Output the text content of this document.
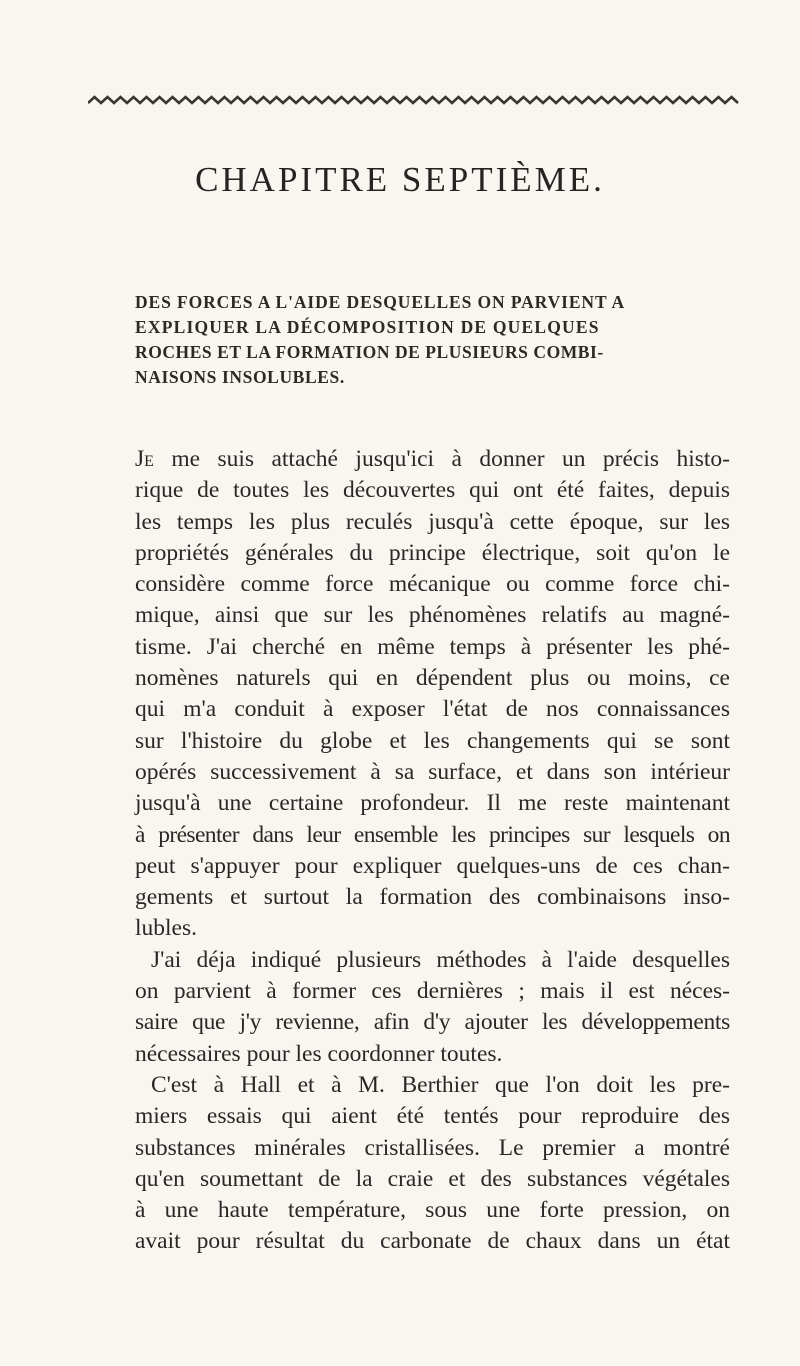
CHAPITRE SEPTIÈME.
DES FORCES A L'AIDE DESQUELLES ON PARVIENT A
EXPLIQUER LA DÉCOMPOSITION DE QUELQUES
ROCHES ET LA FORMATION DE PLUSIEURS COMBI-
NAISONS INSOLUBLES.
Je me suis attaché jusqu'ici à donner un précis histo-
rique de toutes les découvertes qui ont été faites, depuis
les temps les plus reculés jusqu'à cette époque, sur les
propriétés générales du principe électrique, soit qu'on le
considère comme force mécanique ou comme force chi-
mique, ainsi que sur les phénomènes relatifs au magné-
tisme. J'ai cherché en même temps à présenter les phé-
nomènes naturels qui en dépendent plus ou moins, ce
qui m'a conduit à exposer l'état de nos connaissances
sur l'histoire du globe et les changements qui se sont
opérés successivement à sa surface, et dans son intérieur
jusqu'à une certaine profondeur. Il me reste maintenant
à présenter dans leur ensemble les principes sur lesquels on
peut s'appuyer pour expliquer quelques-uns de ces chan-
gements et surtout la formation des combinaisons inso-
lubles.
J'ai déja indiqué plusieurs méthodes à l'aide desquelles
on parvient à former ces dernières ; mais il est néces-
saire que j'y revienne, afin d'y ajouter les développements
nécessaires pour les coordonner toutes.
C'est à Hall et à M. Berthier que l'on doit les pre-
miers essais qui aient été tentés pour reproduire des
substances minérales cristallisées. Le premier a montré
qu'en soumettant de la craie et des substances végétales
à une haute température, sous une forte pression, on
avait pour résultat du carbonate de chaux dans un état
